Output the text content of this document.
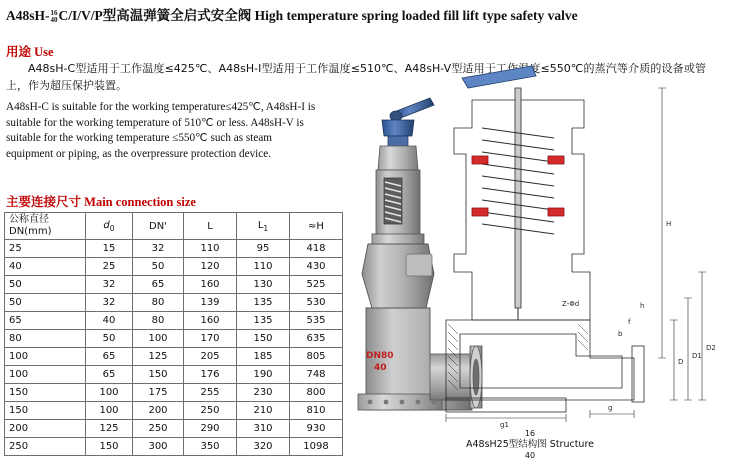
A48sH- 16
40 C/I/V/P型高温弹簧全启式安全阀 High temperature spring loaded fill lift type safety valve
用途 Use
A48sH-C型适用于工作温度≤425℃、A48sH-I型适用于工作温度≤510℃、A48sH-V型适用于工作温度≤550℃的蒸汽等介质的设备或管上，作为超压保护装置。
A48sH-C is suitable for the working temperature≤425℃, A48sH-I is suitable for the working temperature of 510℃ or less. A48sH-V is suitable for the working temperature ≤550℃ such as steam equipment or piping, as the overpressure protection device.
主要连接尺寸 Main connection size
公称直径
DN(mm)	$d_0$	DN'	L	$L_1$	≈H
25	15	32	110	95	418
40	25	50	120	110	430
50	32	65	160	130	525
50	32	80	139	135	530
65	40	80	160	135	535
80	50	100	170	150	635
100	65	125	205	185	805
100	65	150	176	190	748
150	100	175	255	230	800
150	100	200	250	210	810
200	125	250	290	310	930
250	150	300	350	320	1098
DN80
40
H
D
D1
D2
g
g1
b
f
Z-Φd	h
16
A48sH25型结构图 Structure
40
